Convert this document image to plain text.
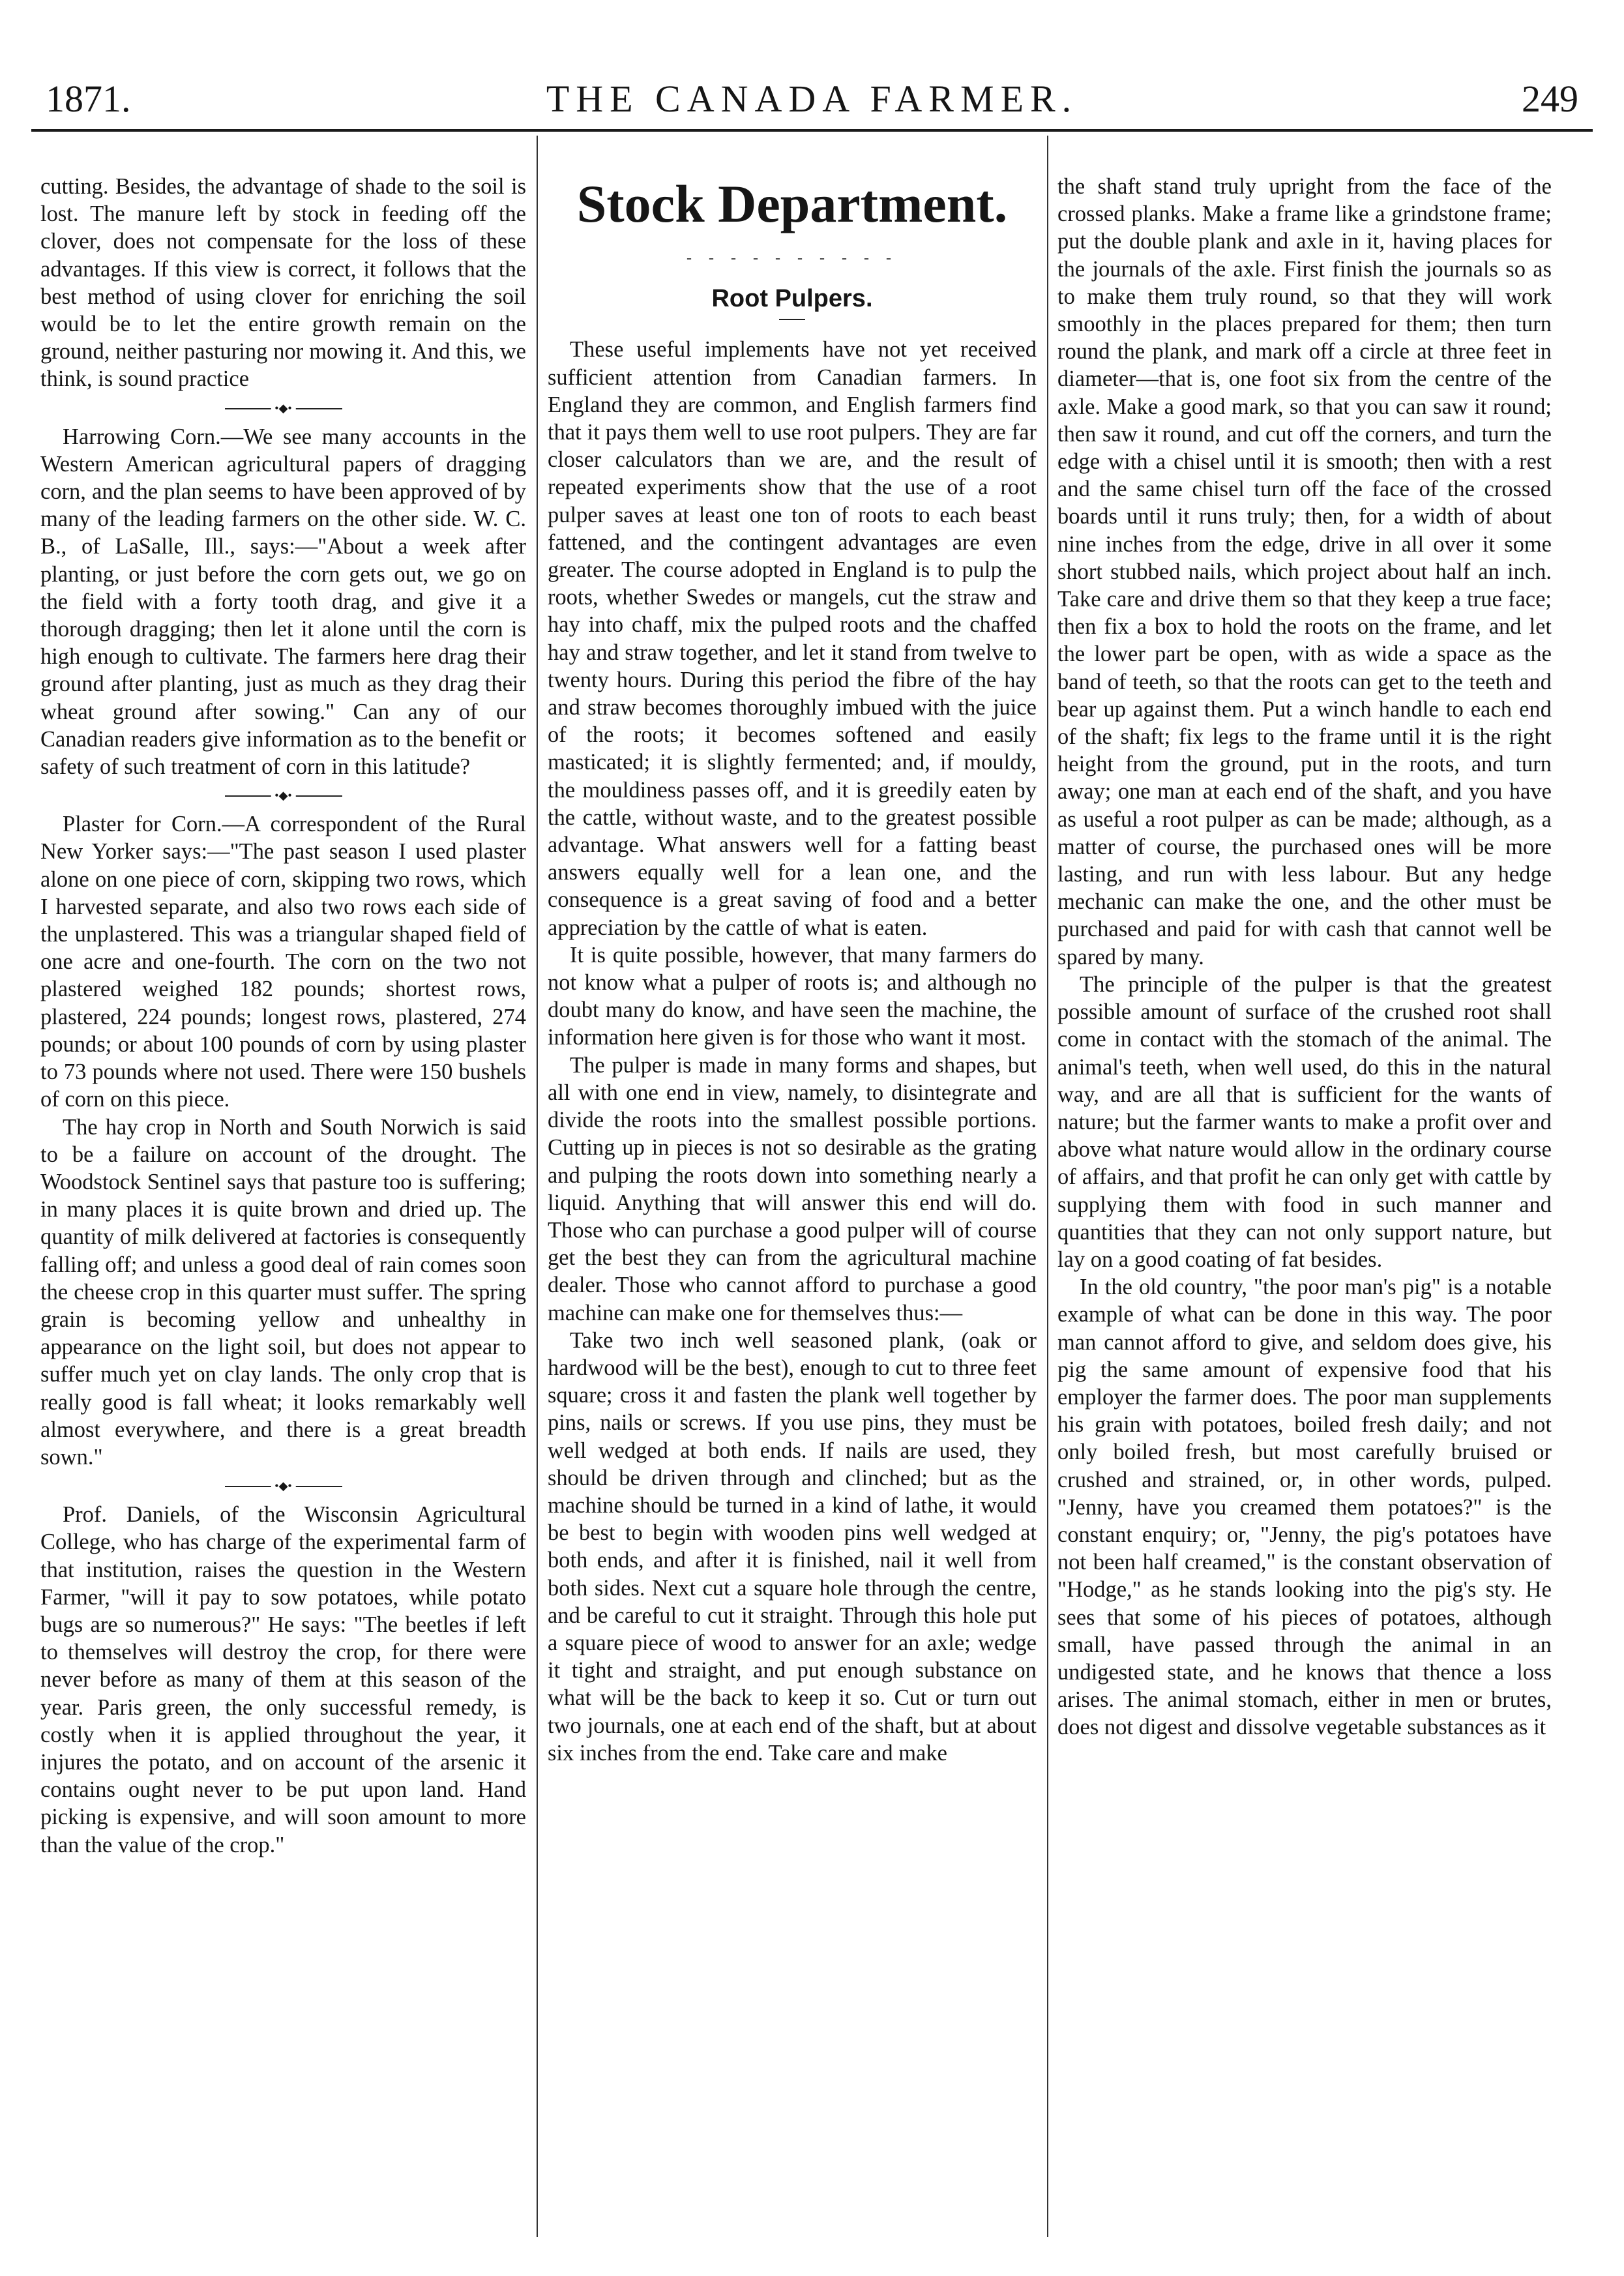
1871.	THE CANADA FARMER.	249

cutting. Besides, the advantage of shade to the soil is lost. The manure left by stock in feeding off the clover, does not compensate for the loss of these advantages. If this view is correct, it follows that the best method of using clover for enriching the soil would be to let the entire growth remain on the ground, neither pasturing nor mowing it. And this, we think, is sound practice

•◆•

Harrowing Corn.—We see many accounts in the Western American agricultural papers of dragging corn, and the plan seems to have been approved of by many of the leading farmers on the other side. W. C. B., of LaSalle, Ill., says:—"About a week after planting, or just before the corn gets out, we go on the field with a forty tooth drag, and give it a thorough dragging; then let it alone until the corn is high enough to cultivate. The farmers here drag their ground after planting, just as much as they drag their wheat ground after sowing." Can any of our Canadian readers give information as to the benefit or safety of such treatment of corn in this latitude?

•◆•

Plaster for Corn.—A correspondent of the Rural New Yorker says:—"The past season I used plaster alone on one piece of corn, skipping two rows, which I harvested separate, and also two rows each side of the unplastered. This was a triangular shaped field of one acre and one-fourth. The corn on the two not plastered weighed 182 pounds; shortest rows, plastered, 224 pounds; longest rows, plastered, 274 pounds; or about 100 pounds of corn by using plaster to 73 pounds where not used. There were 150 bushels of corn on this piece.

The hay crop in North and South Norwich is said to be a failure on account of the drought. The Woodstock Sentinel says that pasture too is suffering; in many places it is quite brown and dried up. The quantity of milk delivered at factories is consequently falling off; and unless a good deal of rain comes soon the cheese crop in this quarter must suffer. The spring grain is becoming yellow and unhealthy in appearance on the light soil, but does not appear to suffer much yet on clay lands. The only crop that is really good is fall wheat; it looks remarkably well almost everywhere, and there is a great breadth sown."

•◆•

Prof. Daniels, of the Wisconsin Agricultural College, who has charge of the experimental farm of that institution, raises the question in the Western Farmer, "will it pay to sow potatoes, while potato bugs are so numerous?" He says: "The beetles if left to themselves will destroy the crop, for there were never before as many of them at this season of the year. Paris green, the only successful remedy, is costly when it is applied throughout the year, it injures the potato, and on account of the arsenic it contains ought never to be put upon land. Hand picking is expensive, and will soon amount to more than the value of the crop."

Stock Department.
- - - - - - - - - -
Root Pulpers.

These useful implements have not yet received sufficient attention from Canadian farmers. In England they are common, and English farmers find that it pays them well to use root pulpers. They are far closer calculators than we are, and the result of repeated experiments show that the use of a root pulper saves at least one ton of roots to each beast fattened, and the contingent advantages are even greater. The course adopted in England is to pulp the roots, whether Swedes or mangels, cut the straw and hay into chaff, mix the pulped roots and the chaffed hay and straw together, and let it stand from twelve to twenty hours. During this period the fibre of the hay and straw becomes thoroughly imbued with the juice of the roots; it becomes softened and easily masticated; it is slightly fermented; and, if mouldy, the mouldiness passes off, and it is greedily eaten by the cattle, without waste, and to the greatest possible advantage. What answers well for a fatting beast answers equally well for a lean one, and the consequence is a great saving of food and a better appreciation by the cattle of what is eaten.

It is quite possible, however, that many farmers do not know what a pulper of roots is; and although no doubt many do know, and have seen the machine, the information here given is for those who want it most.

The pulper is made in many forms and shapes, but all with one end in view, namely, to disintegrate and divide the roots into the smallest possible portions. Cutting up in pieces is not so desirable as the grating and pulping the roots down into something nearly a liquid. Anything that will answer this end will do. Those who can purchase a good pulper will of course get the best they can from the agricultural machine dealer. Those who cannot afford to purchase a good machine can make one for themselves thus:—

Take two inch well seasoned plank, (oak or hardwood will be the best), enough to cut to three feet square; cross it and fasten the plank well together by pins, nails or screws. If you use pins, they must be well wedged at both ends. If nails are used, they should be driven through and clinched; but as the machine should be turned in a kind of lathe, it would be best to begin with wooden pins well wedged at both ends, and after it is finished, nail it well from both sides. Next cut a square hole through the centre, and be careful to cut it straight. Through this hole put a square piece of wood to answer for an axle; wedge it tight and straight, and put enough substance on what will be the back to keep it so. Cut or turn out two journals, one at each end of the shaft, but at about six inches from the end. Take care and make

the shaft stand truly upright from the face of the crossed planks. Make a frame like a grindstone frame; put the double plank and axle in it, having places for the journals of the axle. First finish the journals so as to make them truly round, so that they will work smoothly in the places prepared for them; then turn round the plank, and mark off a circle at three feet in diameter—that is, one foot six from the centre of the axle. Make a good mark, so that you can saw it round; then saw it round, and cut off the corners, and turn the edge with a chisel until it is smooth; then with a rest and the same chisel turn off the face of the crossed boards until it runs truly; then, for a width of about nine inches from the edge, drive in all over it some short stubbed nails, which project about half an inch. Take care and drive them so that they keep a true face; then fix a box to hold the roots on the frame, and let the lower part be open, with as wide a space as the band of teeth, so that the roots can get to the teeth and bear up against them. Put a winch handle to each end of the shaft; fix legs to the frame until it is the right height from the ground, put in the roots, and turn away; one man at each end of the shaft, and you have as useful a root pulper as can be made; although, as a matter of course, the purchased ones will be more lasting, and run with less labour. But any hedge mechanic can make the one, and the other must be purchased and paid for with cash that cannot well be spared by many.

The principle of the pulper is that the greatest possible amount of surface of the crushed root shall come in contact with the stomach of the animal. The animal's teeth, when well used, do this in the natural way, and are all that is sufficient for the wants of nature; but the farmer wants to make a profit over and above what nature would allow in the ordinary course of affairs, and that profit he can only get with cattle by supplying them with food in such manner and quantities that they can not only support nature, but lay on a good coating of fat besides.

In the old country, "the poor man's pig" is a notable example of what can be done in this way. The poor man cannot afford to give, and seldom does give, his pig the same amount of expensive food that his employer the farmer does. The poor man supplements his grain with potatoes, boiled fresh daily; and not only boiled fresh, but most carefully bruised or crushed and strained, or, in other words, pulped. "Jenny, have you creamed them potatoes?" is the constant enquiry; or, "Jenny, the pig's potatoes have not been half creamed," is the constant observation of "Hodge," as he stands looking into the pig's sty. He sees that some of his pieces of potatoes, although small, have passed through the animal in an undigested state, and he knows that thence a loss arises. The animal stomach, either in men or brutes, does not digest and dissolve vegetable substances as it
